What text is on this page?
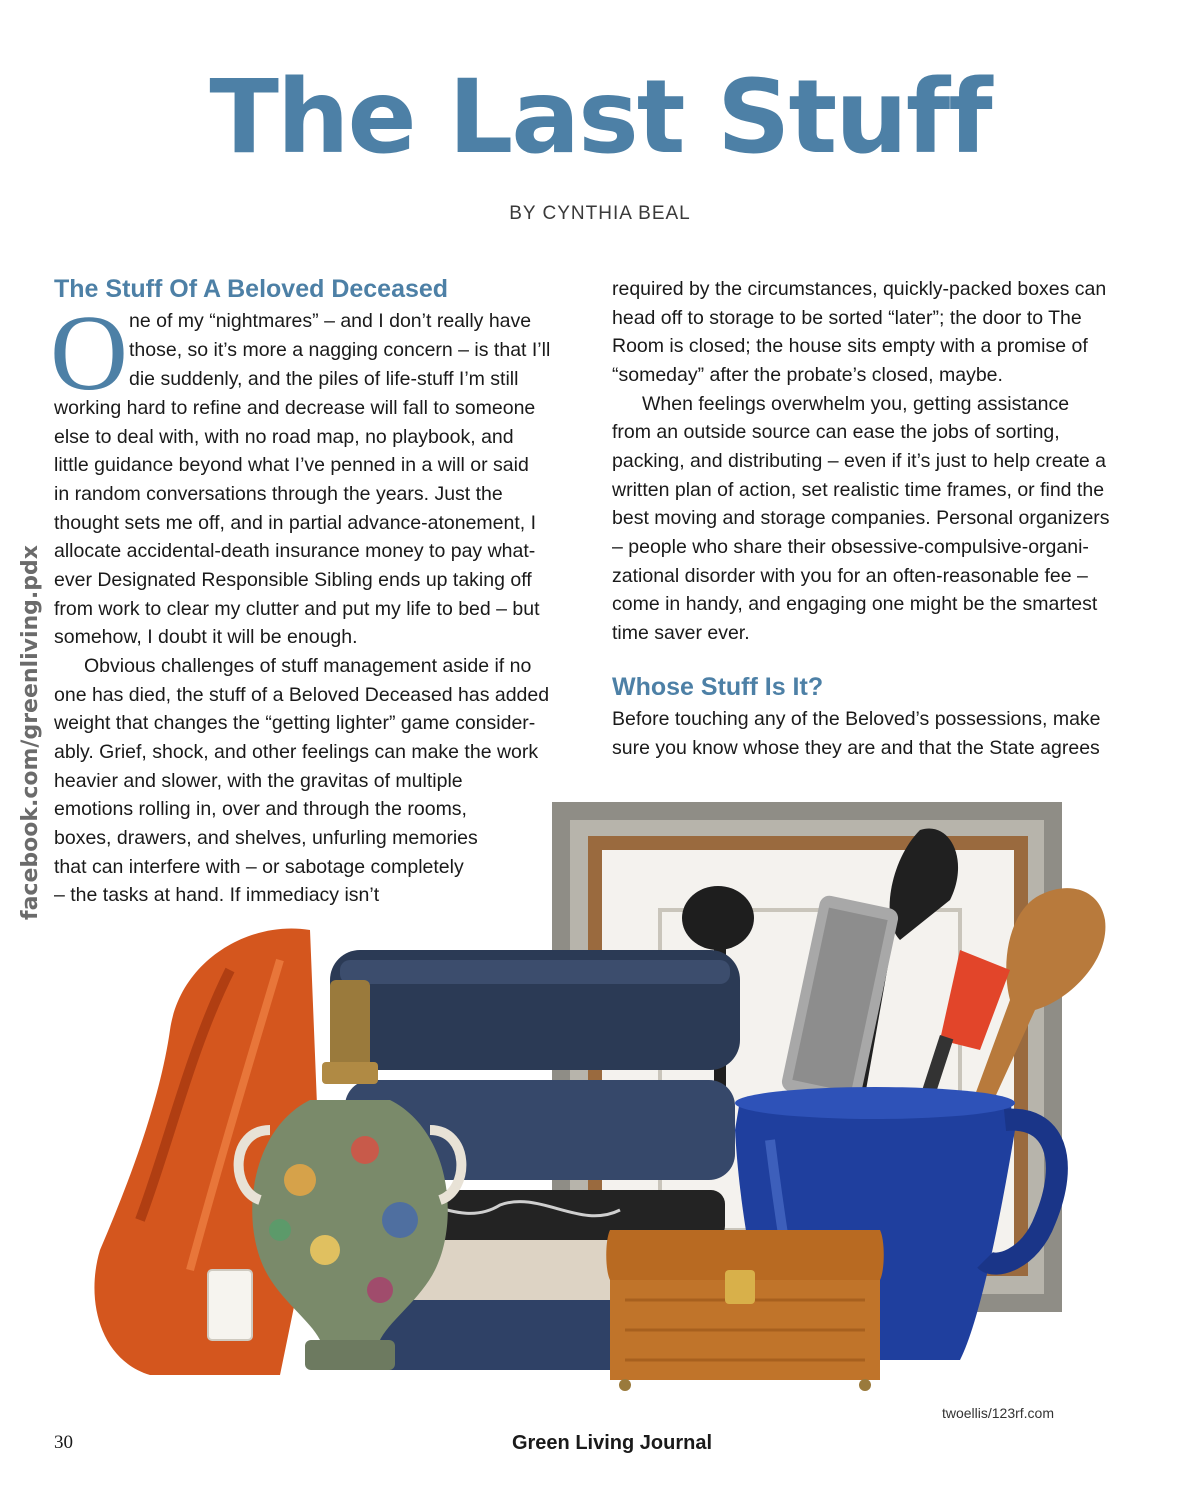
The Last Stuff

BY CYNTHIA BEAL

facebook.com/greenliving.pdx
The Stuff Of A Beloved Deceased
O ne of my “nightmares” – and I don’t really have
those, so it’s more a nagging concern – is that I’ll
die suddenly, and the piles of life-stuff I’m still
working hard to refine and decrease will fall to someone
else to deal with, with no road map, no playbook, and
little guidance beyond what I’ve penned in a will or said
in random conversations through the years. Just the
thought sets me off, and in partial advance-atonement, I
allocate accidental-death insurance money to pay what-
ever Designated Responsible Sibling ends up taking off
from work to clear my clutter and put my life to bed – but
somehow, I doubt it will be enough.
Obvious challenges of stuff management aside if no
one has died, the stuff of a Beloved Deceased has added
weight that changes the “getting lighter” game consider-
ably. Grief, shock, and other feelings can make the work
heavier and slower, with the gravitas of multiple
emotions rolling in, over and through the rooms,
boxes, drawers, and shelves, unfurling memories
that can interfere with – or sabotage completely
– the tasks at hand. If immediacy isn’t
required by the circumstances, quickly-packed boxes can
head off to storage to be sorted “later”; the door to The
Room is closed; the house sits empty with a promise of
“someday” after the probate’s closed, maybe.
When feelings overwhelm you, getting assistance
from an outside source can ease the jobs of sorting,
packing, and distributing – even if it’s just to help create a
written plan of action, set realistic time frames, or find the
best moving and storage companies. Personal organizers
– people who share their obsessive-compulsive-organi-
zational disorder with you for an often-reasonable fee –
come in handy, and engaging one might be the smartest
time saver ever.
Whose Stuff Is It?
Before touching any of the Beloved’s possessions, make
sure you know whose they are and that the State agrees
twoellis/123rf.com
30	Green Living Journal
